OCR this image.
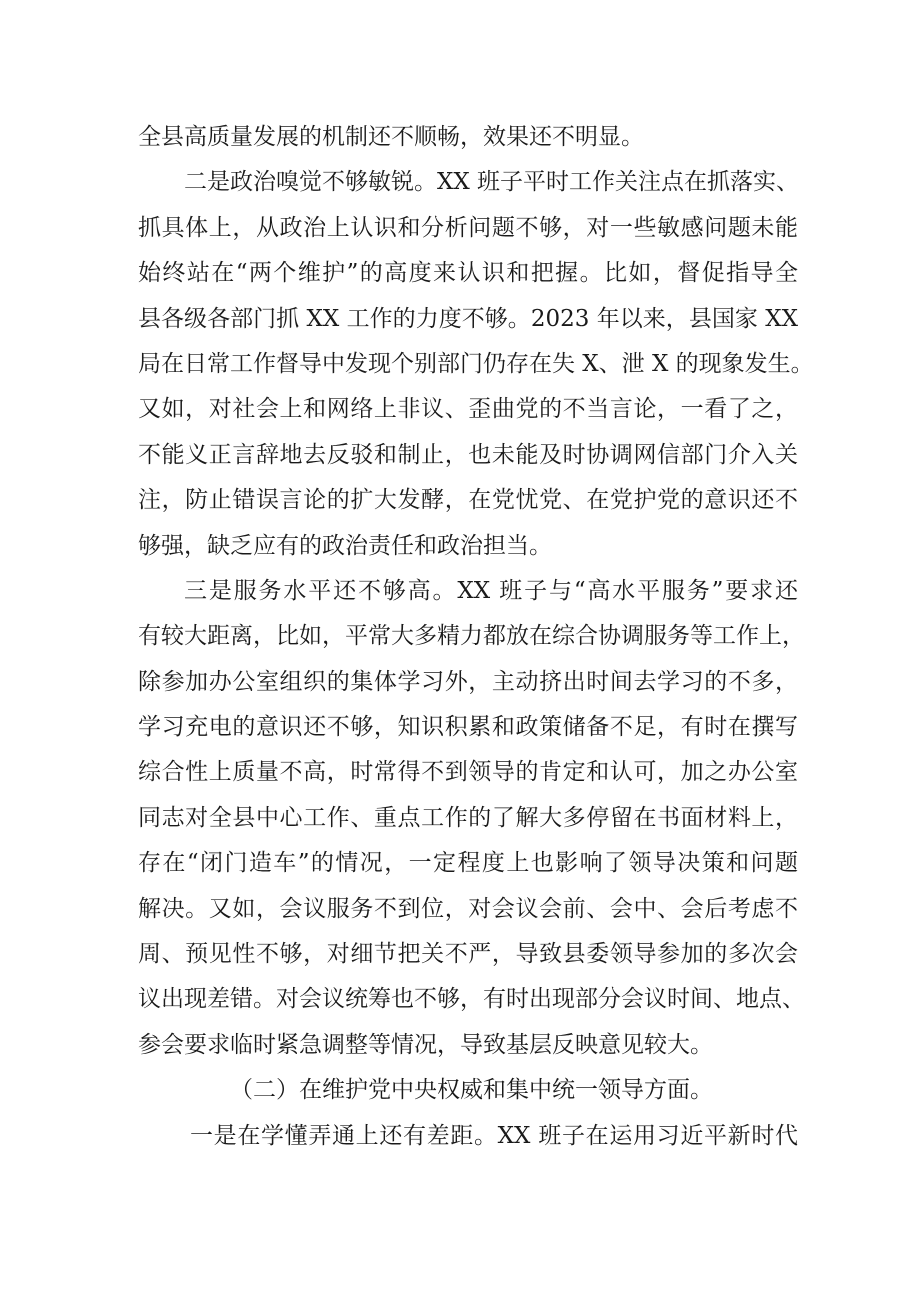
全县高质量发展的机制还不顺畅，效果还不明显。
二是政治嗅觉不够敏锐。XX 班子平时工作关注点在抓落实、
抓具体上，从政治上认识和分析问题不够，对一些敏感问题未能
始终站在“两个维护”的高度来认识和把握。比如，督促指导全
县各级各部门抓 XX 工作的力度不够。2023 年以来，县国家 XX
局在日常工作督导中发现个别部门仍存在失 X、泄 X 的现象发生。
又如，对社会上和网络上非议、歪曲党的不当言论，一看了之，
不能义正言辞地去反驳和制止，也未能及时协调网信部门介入关
注，防止错误言论的扩大发酵，在党忧党、在党护党的意识还不
够强，缺乏应有的政治责任和政治担当。
三是服务水平还不够高。XX 班子与“高水平服务”要求还
有较大距离，比如，平常大多精力都放在综合协调服务等工作上，
除参加办公室组织的集体学习外，主动挤出时间去学习的不多，
学习充电的意识还不够，知识积累和政策储备不足，有时在撰写
综合性上质量不高，时常得不到领导的肯定和认可，加之办公室
同志对全县中心工作、重点工作的了解大多停留在书面材料上，
存在“闭门造车”的情况，一定程度上也影响了领导决策和问题
解决。又如，会议服务不到位，对会议会前、会中、会后考虑不
周、预见性不够，对细节把关不严，导致县委领导参加的多次会
议出现差错。对会议统筹也不够，有时出现部分会议时间、地点、
参会要求临时紧急调整等情况，导致基层反映意见较大。
（二）在维护党中央权威和集中统一领导方面。
一是在学懂弄通上还有差距。XX 班子在运用习近平新时代
